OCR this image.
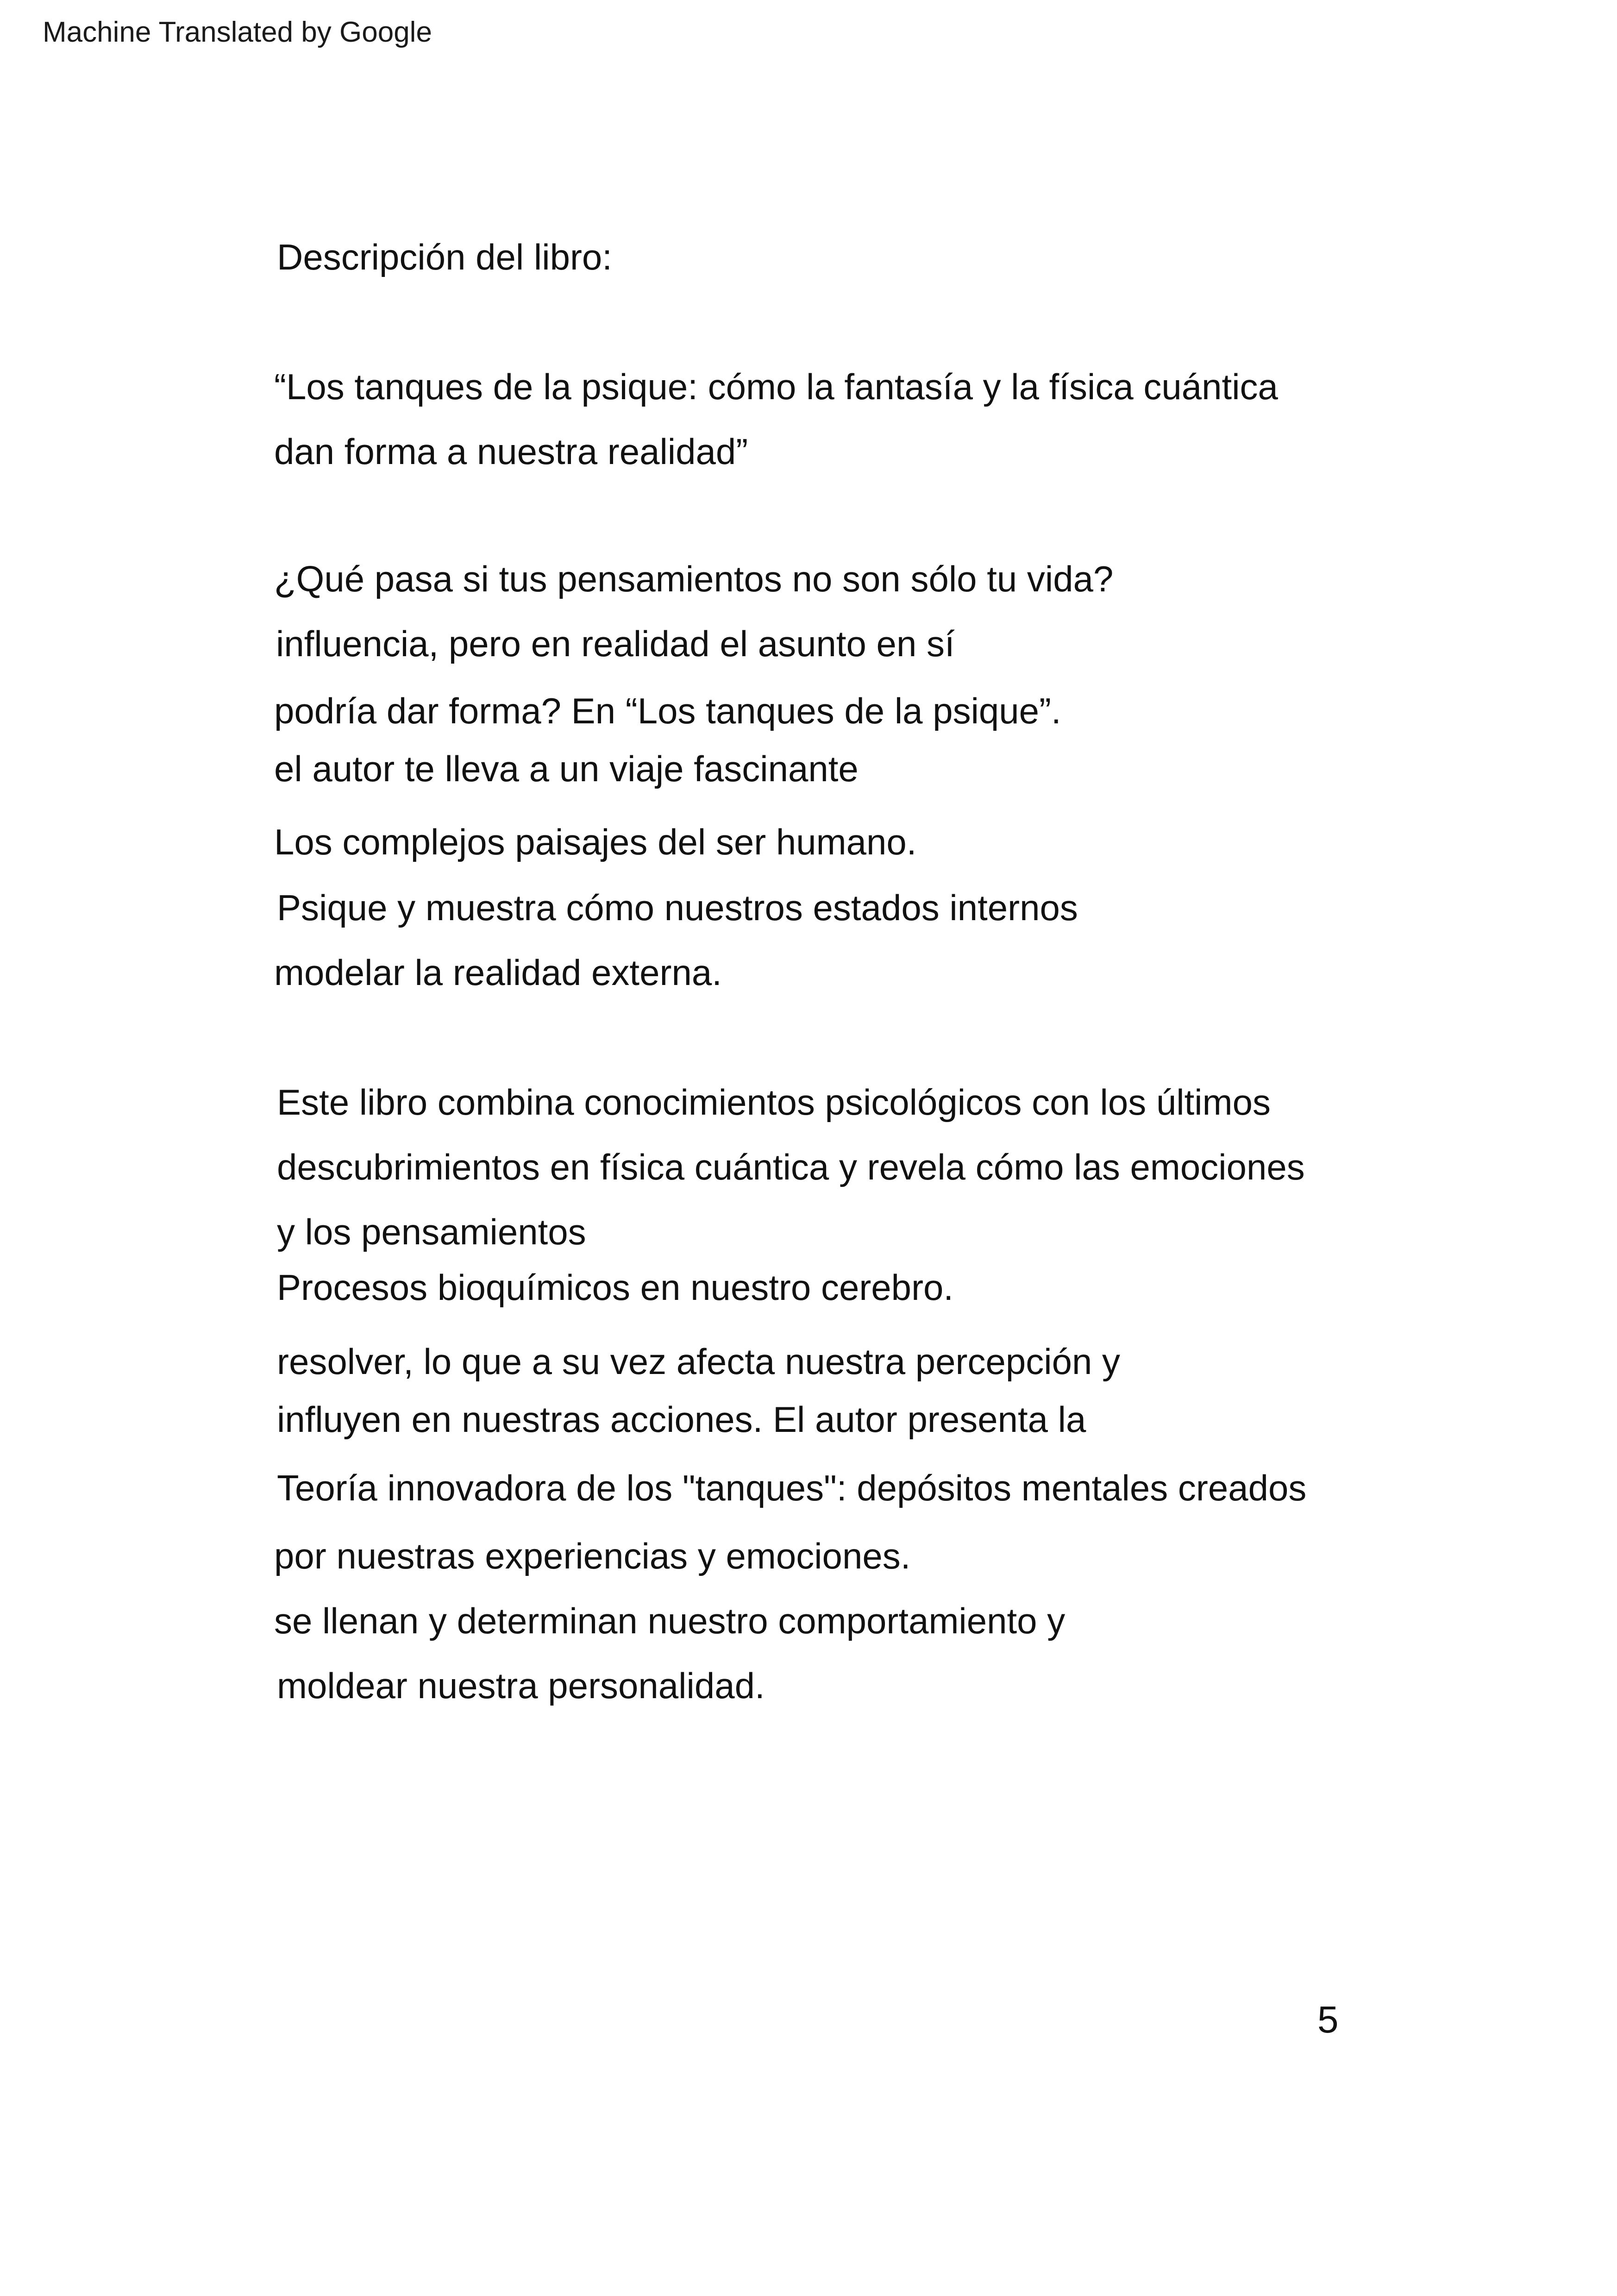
Machine Translated by Google
Descripción del libro:
“Los tanques de la psique: cómo la fantasía y la física cuántica
dan forma a nuestra realidad”
¿Qué pasa si tus pensamientos no son sólo tu vida?
influencia, pero en realidad el asunto en sí
podría dar forma? En “Los tanques de la psique”.
el autor te lleva a un viaje fascinante
Los complejos paisajes del ser humano.
Psique y muestra cómo nuestros estados internos
modelar la realidad externa.
Este libro combina conocimientos psicológicos con los últimos
descubrimientos en física cuántica y revela cómo las emociones
y los pensamientos
Procesos bioquímicos en nuestro cerebro.
resolver, lo que a su vez afecta nuestra percepción y
influyen en nuestras acciones. El autor presenta la
Teoría innovadora de los "tanques": depósitos mentales creados
por nuestras experiencias y emociones.
se llenan y determinan nuestro comportamiento y
moldear nuestra personalidad.
5
